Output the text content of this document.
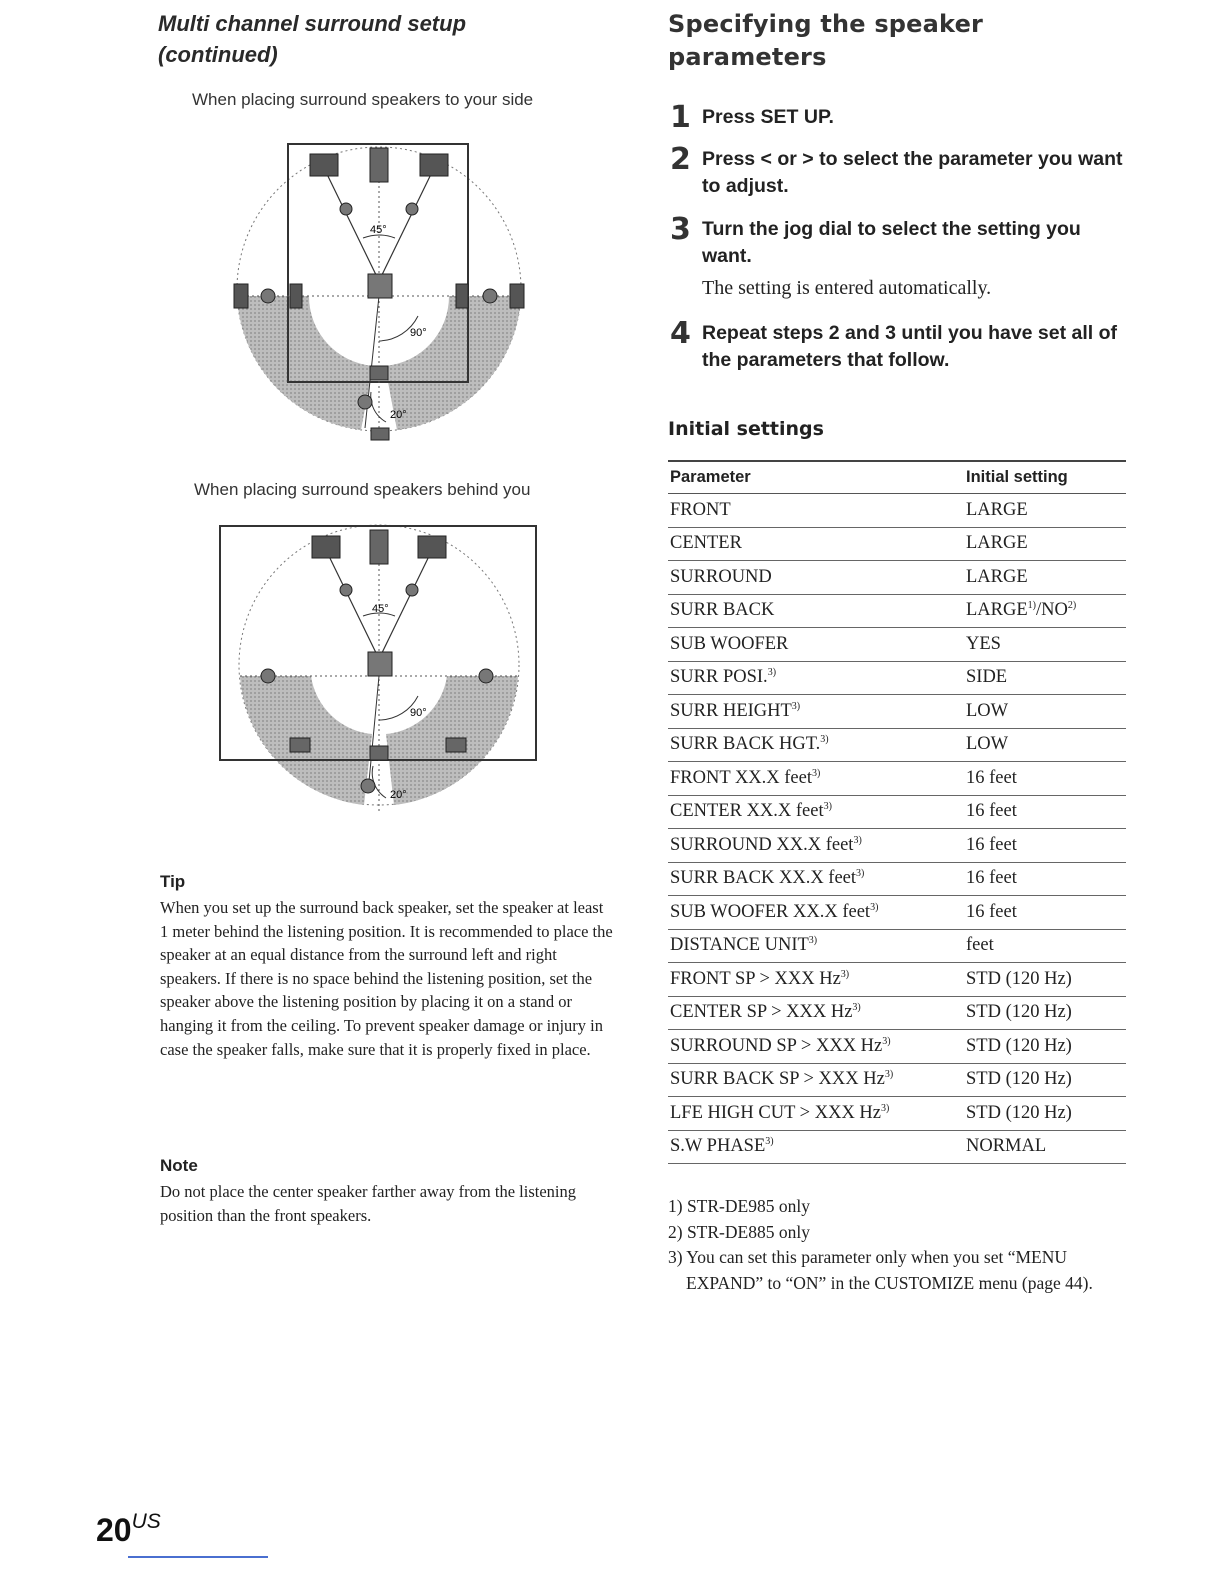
Multi channel surround setup
(continued)

When placing surround speakers to your side

When placing surround speakers behind you

Tip

When you set up the surround back speaker, set the speaker at least 1 meter behind the listening position. It is recommended to place the speaker at an equal distance from the surround left and right speakers. If there is no space behind the listening position, set the speaker above the listening position by placing it on a stand or hanging it from the ceiling. To prevent speaker damage or injury in case the speaker falls, make sure that it is properly fixed in place.

Note

Do not place the center speaker farther away from the listening position than the front speakers.

45°
90°
20°
45°
90°
20°
Specifying the speaker
parameters
1 Press SET UP.
2 Press < or > to select the parameter you want to adjust.
3 Turn the jog dial to select the setting you want.
The setting is entered automatically.
4 Repeat steps 2 and 3 until you have set all of the parameters that follow.

Initial settings

Parameter	Initial setting
FRONT	LARGE
CENTER	LARGE
SURROUND	LARGE
SURR BACK	LARGE$^{1)}$/NO$^{2)}$
SUB WOOFER	YES
SURR POSI.$^{3)}$	SIDE
SURR HEIGHT$^{3)}$	LOW
SURR BACK HGT.$^{3)}$	LOW
FRONT XX.X feet$^{3)}$	16 feet
CENTER XX.X feet$^{3)}$	16 feet
SURROUND XX.X feet$^{3)}$	16 feet
SURR BACK XX.X feet$^{3)}$	16 feet
SUB WOOFER XX.X feet$^{3)}$	16 feet
DISTANCE UNIT$^{3)}$	feet
FRONT SP > XXX Hz$^{3)}$	STD (120 Hz)
CENTER SP > XXX Hz$^{3)}$	STD (120 Hz)
SURROUND SP > XXX Hz$^{3)}$	STD (120 Hz)
SURR BACK SP > XXX Hz$^{3)}$	STD (120 Hz)
LFE HIGH CUT > XXX Hz$^{3)}$	STD (120 Hz)
S.W PHASE$^{3)}$	NORMAL

1) STR-DE985 only

2) STR-DE885 only

3) You can set this parameter only when you set “MENU EXPAND” to “ON” in the CUSTOMIZE menu (page 44).

$20^{US}$
